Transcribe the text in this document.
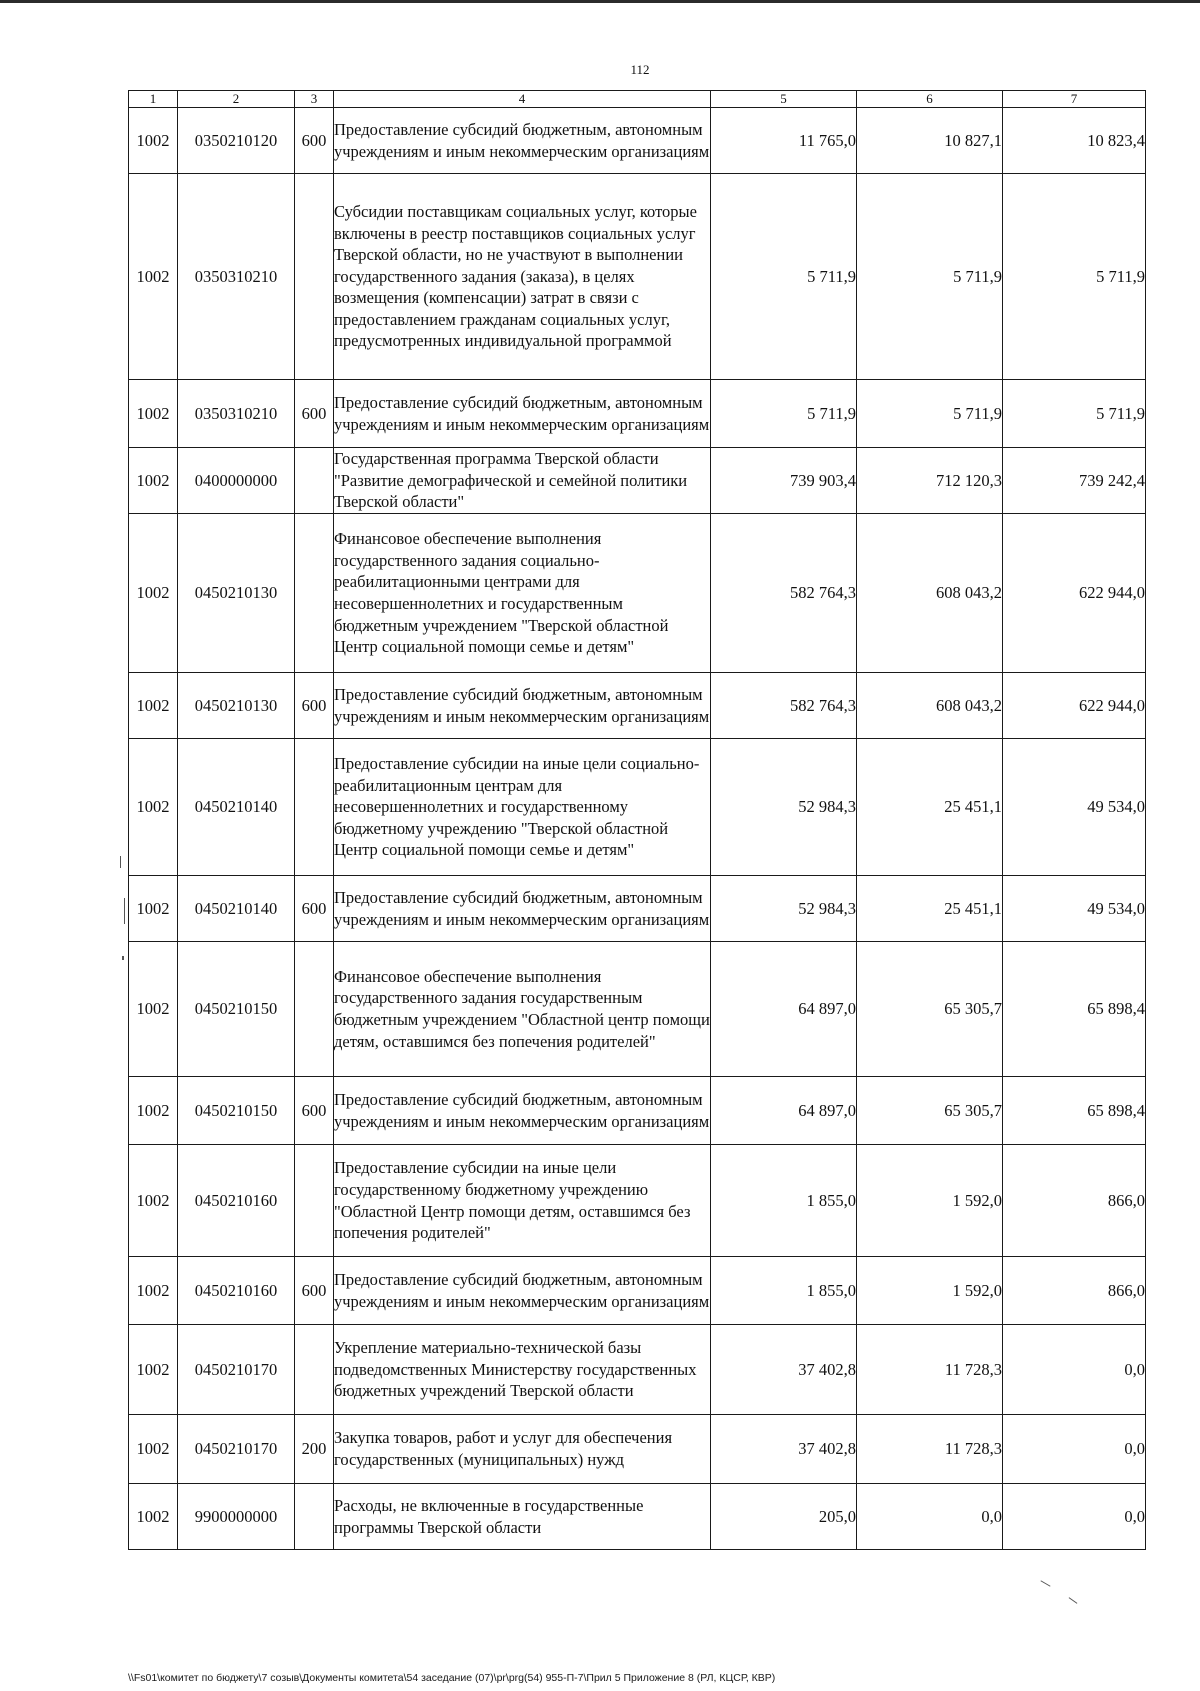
112
1	2	3	4	5	6	7
1002	0350210120	600	Предоставление субсидий бюджетным, автономным учреждениям и иным некоммерческим организациям	11 765,0	10 827,1	10 823,4
1002	0350310210		Субсидии поставщикам социальных услуг, которые включены в реестр поставщиков социальных услуг Тверской области, но не участвуют в выполнении государственного задания (заказа), в целях возмещения (компенсации) затрат в связи с предоставлением гражданам социальных услуг, предусмотренных индивидуальной программой	5 711,9	5 711,9	5 711,9
1002	0350310210	600	Предоставление субсидий бюджетным, автономным учреждениям и иным некоммерческим организациям	5 711,9	5 711,9	5 711,9
1002	0400000000		Государственная программа Тверской области "Развитие демографической и семейной политики Тверской области"	739 903,4	712 120,3	739 242,4
1002	0450210130		Финансовое обеспечение выполнения государственного задания социально-реабилитационными центрами для несовершеннолетних и государственным бюджетным учреждением "Тверской областной Центр социальной помощи семье и детям"	582 764,3	608 043,2	622 944,0
1002	0450210130	600	Предоставление субсидий бюджетным, автономным учреждениям и иным некоммерческим организациям	582 764,3	608 043,2	622 944,0
1002	0450210140		Предоставление субсидии на иные цели социально-реабилитационным центрам для несовершеннолетних и государственному бюджетному учреждению "Тверской областной Центр социальной помощи семье и детям"	52 984,3	25 451,1	49 534,0
1002	0450210140	600	Предоставление субсидий бюджетным, автономным учреждениям и иным некоммерческим организациям	52 984,3	25 451,1	49 534,0
1002	0450210150		Финансовое обеспечение выполнения государственного задания государственным бюджетным учреждением "Областной центр помощи детям, оставшимся без попечения родителей"	64 897,0	65 305,7	65 898,4
1002	0450210150	600	Предоставление субсидий бюджетным, автономным учреждениям и иным некоммерческим организациям	64 897,0	65 305,7	65 898,4
1002	0450210160		Предоставление субсидии на иные цели государственному бюджетному учреждению "Областной Центр помощи детям, оставшимся без попечения родителей"	1 855,0	1 592,0	866,0
1002	0450210160	600	Предоставление субсидий бюджетным, автономным учреждениям и иным некоммерческим организациям	1 855,0	1 592,0	866,0
1002	0450210170		Укрепление материально-технической базы подведомственных Министерству государственных бюджетных учреждений Тверской области	37 402,8	11 728,3	0,0
1002	0450210170	200	Закупка товаров, работ и услуг для обеспечения государственных (муниципальных) нужд	37 402,8	11 728,3	0,0
1002	9900000000		Расходы, не включенные в государственные программы Тверской области	205,0	0,0	0,0
\\Fs01\комитет по бюджету\7 созыв\Документы комитета\54 заседание (07)\pr\prg(54) 955-П-7\Прил 5 Приложение 8 (РЛ, КЦСР, КВР)
